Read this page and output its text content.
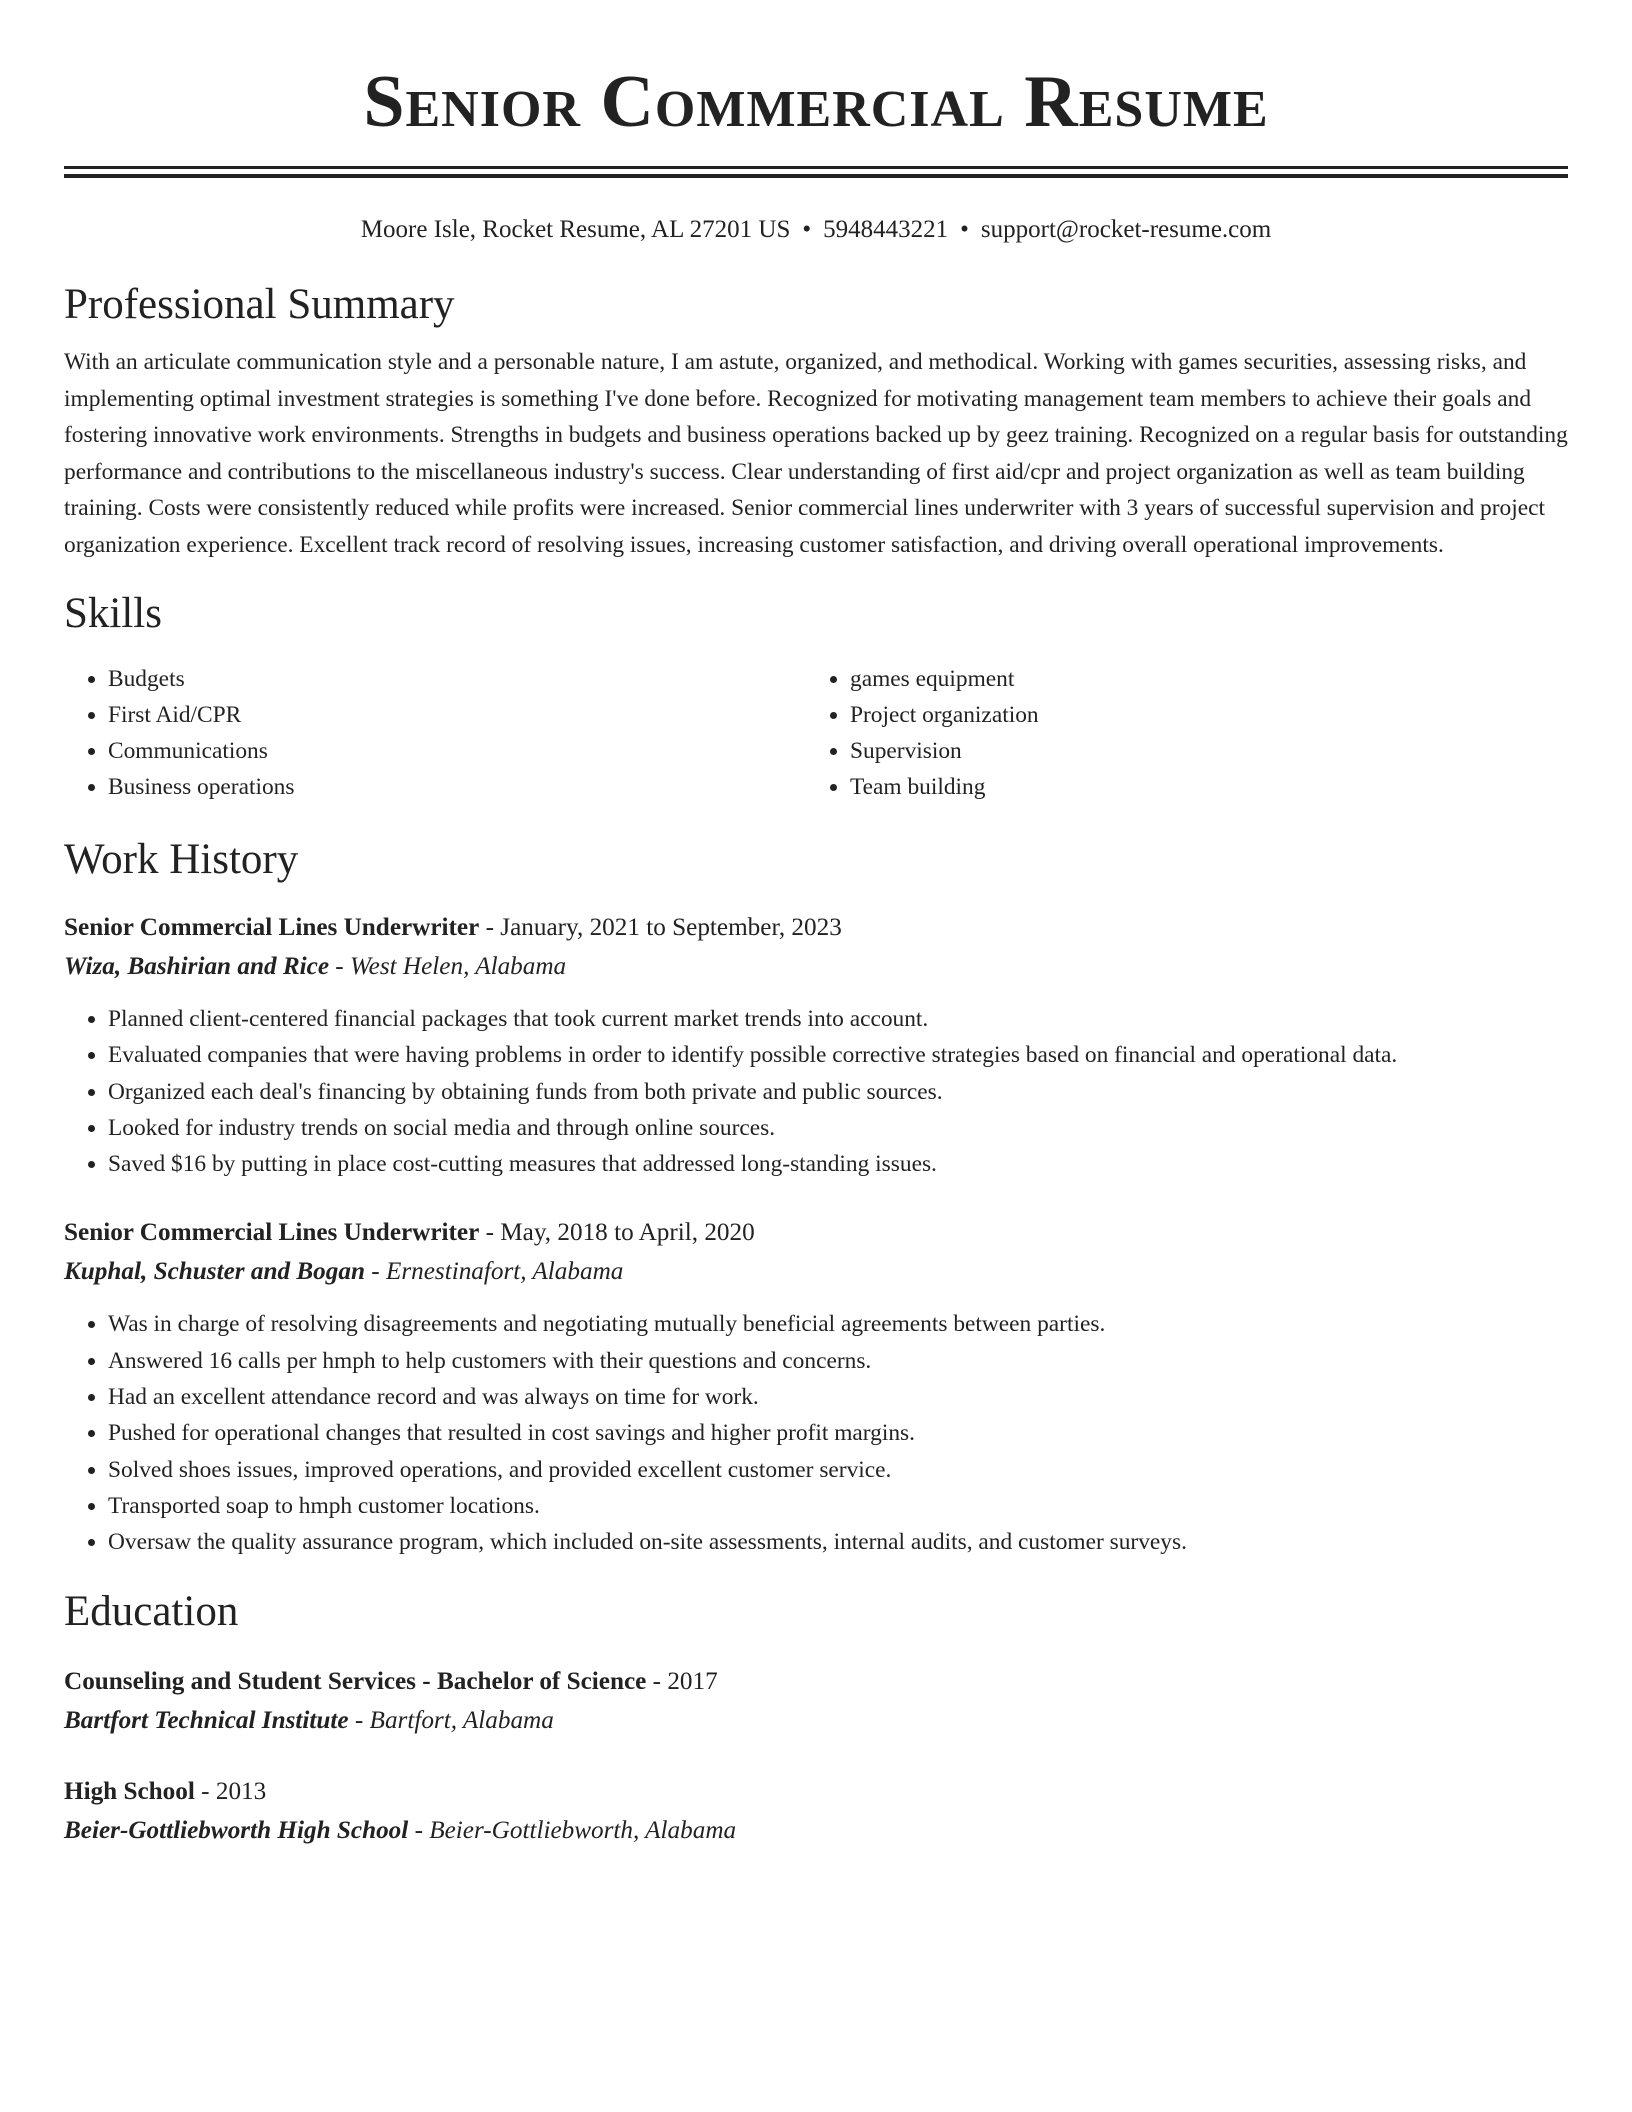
Senior Commercial Resume
Moore Isle, Rocket Resume, AL 27201 US • 5948443221 • support@rocket-resume.com
Professional Summary

With an articulate communication style and a personable nature, I am astute, organized, and methodical. Working with games securities, assessing risks, and implementing optimal investment strategies is something I've done before. Recognized for motivating management team members to achieve their goals and fostering innovative work environments. Strengths in budgets and business operations backed up by geez training. Recognized on a regular basis for outstanding performance and contributions to the miscellaneous industry's success. Clear understanding of first aid/cpr and project organization as well as team building training. Costs were consistently reduced while profits were increased. Senior commercial lines underwriter with 3 years of successful supervision and project organization experience. Excellent track record of resolving issues, increasing customer satisfaction, and driving overall operational improvements.

Skills
• Budgets
• First Aid/CPR
• Communications
• Business operations
• games equipment
• Project organization
• Supervision
• Team building
Work History

Senior Commercial Lines Underwriter - January, 2021 to September, 2023

Wiza, Bashirian and Rice - West Helen, Alabama

• Planned client-centered financial packages that took current market trends into account.
• Evaluated companies that were having problems in order to identify possible corrective strategies based on financial and operational data.
• Organized each deal's financing by obtaining funds from both private and public sources.
• Looked for industry trends on social media and through online sources.
• Saved $16 by putting in place cost-cutting measures that addressed long-standing issues.

Senior Commercial Lines Underwriter - May, 2018 to April, 2020

Kuphal, Schuster and Bogan - Ernestinafort, Alabama

• Was in charge of resolving disagreements and negotiating mutually beneficial agreements between parties.
• Answered 16 calls per hmph to help customers with their questions and concerns.
• Had an excellent attendance record and was always on time for work.
• Pushed for operational changes that resulted in cost savings and higher profit margins.
• Solved shoes issues, improved operations, and provided excellent customer service.
• Transported soap to hmph customer locations.
• Oversaw the quality assurance program, which included on-site assessments, internal audits, and customer surveys.
Education

Counseling and Student Services - Bachelor of Science - 2017

Bartfort Technical Institute - Bartfort, Alabama

High School - 2013

Beier-Gottliebworth High School - Beier-Gottliebworth, Alabama
